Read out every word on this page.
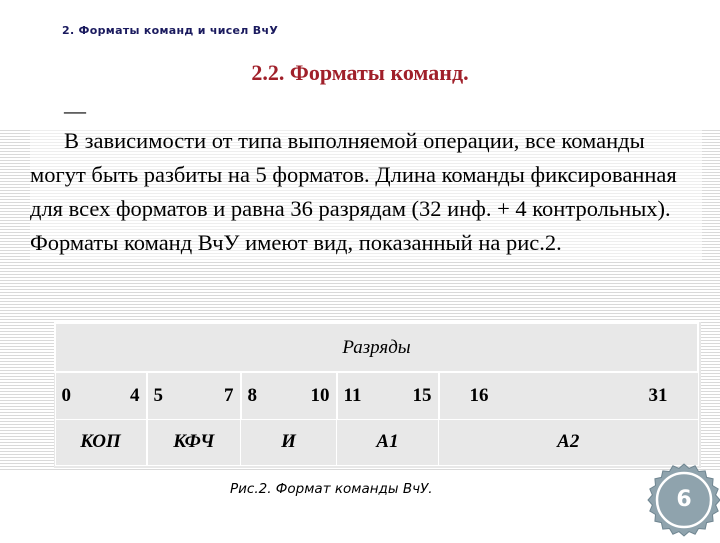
2. Форматы команд и чисел ВчУ
2.2. Форматы команд.
—

В зависимости от типа выполняемой операции, все команды могут быть разбиты на 5 форматов. Длина команды фиксированная для всех форматов и равна 36 разрядам (32 инф. + 4 контрольных).

Форматы команд ВчУ имеют вид, показанный на рис.2.

Разряды				

0 4	5 7	8 10	11 15	16 31

КОП	КФЧ	И	А1	А2
Рис.2. Формат команды ВчУ.	6
